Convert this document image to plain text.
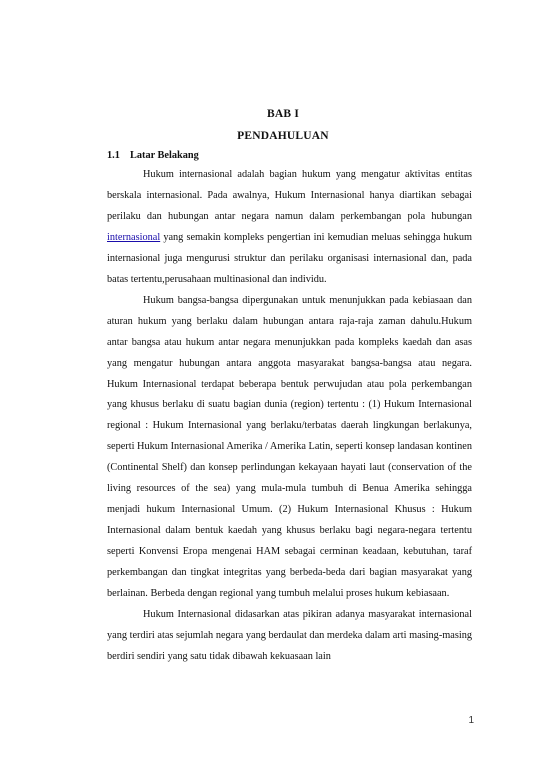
BAB I
PENDAHULUAN
1.1 Latar Belakang

Hukum internasional adalah bagian hukum yang mengatur aktivitas entitas berskala internasional. Pada awalnya, Hukum Internasional hanya diartikan sebagai perilaku dan hubungan antar negara namun dalam perkembangan pola hubungan internasional yang semakin kompleks pengertian ini kemudian meluas sehingga hukum internasional juga mengurusi struktur dan perilaku organisasi internasional dan, pada batas tertentu,perusahaan multinasional dan individu.

Hukum bangsa-bangsa dipergunakan untuk menunjukkan pada kebiasaan dan aturan hukum yang berlaku dalam hubungan antara raja-raja zaman dahulu.Hukum antar bangsa atau hukum antar negara menunjukkan pada kompleks kaedah dan asas yang mengatur hubungan antara anggota masyarakat bangsa-bangsa atau negara. Hukum Internasional terdapat beberapa bentuk perwujudan atau pola perkembangan yang khusus berlaku di suatu bagian dunia (region) tertentu : (1) Hukum Internasional regional : Hukum Internasional yang berlaku/terbatas daerah lingkungan berlakunya, seperti Hukum Internasional Amerika / Amerika Latin, seperti konsep landasan kontinen (Continental Shelf) dan konsep perlindungan kekayaan hayati laut (conservation of the living resources of the sea) yang mula-mula tumbuh di Benua Amerika sehingga menjadi hukum Internasional Umum. (2) Hukum Internasional Khusus : Hukum Internasional dalam bentuk kaedah yang khusus berlaku bagi negara-negara tertentu seperti Konvensi Eropa mengenai HAM sebagai cerminan keadaan, kebutuhan, taraf perkembangan dan tingkat integritas yang berbeda-beda dari bagian masyarakat yang berlainan. Berbeda dengan regional yang tumbuh melalui proses hukum kebiasaan.

Hukum Internasional didasarkan atas pikiran adanya masyarakat internasional yang terdiri atas sejumlah negara yang berdaulat dan merdeka dalam arti masing-masing berdiri sendiri yang satu tidak dibawah kekuasaan lain

1
